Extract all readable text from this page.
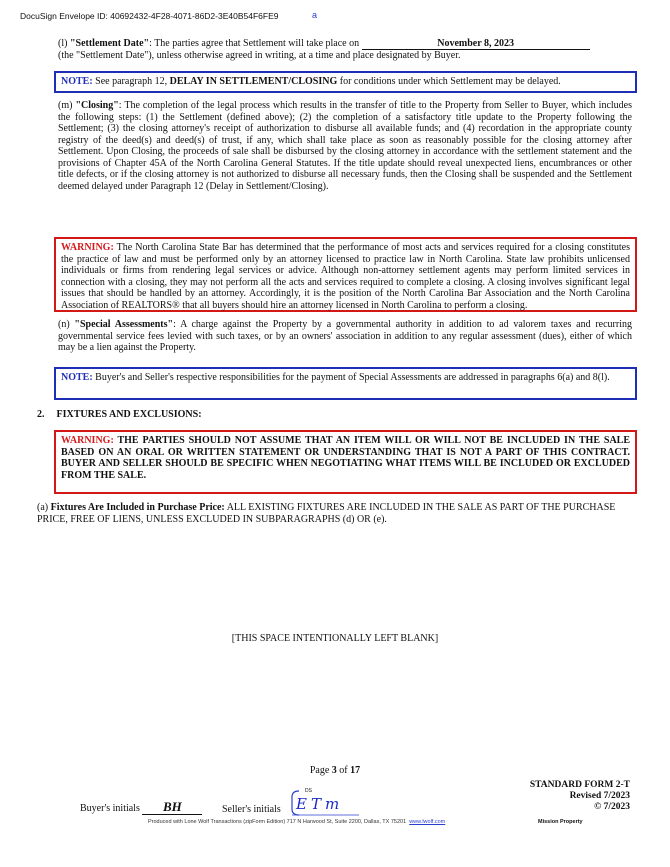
DocuSign Envelope ID: 40692432-4F28-4071-86D2-3E40B54F6FE9	a
(l) "Settlement Date": The parties agree that Settlement will take place on	November 8, 2023
(the "Settlement Date"), unless otherwise agreed in writing, at a time and place designated by Buyer.
NOTE: See paragraph 12, DELAY IN SETTLEMENT/CLOSING for conditions under which Settlement may be delayed.
(m) "Closing": The completion of the legal process which results in the transfer of title to the Property from Seller to Buyer, which includes the following steps: (1) the Settlement (defined above); (2) the completion of a satisfactory title update to the Property following the Settlement; (3) the closing attorney's receipt of authorization to disburse all available funds; and (4) recordation in the appropriate county registry of the deed(s) and deed(s) of trust, if any, which shall take place as soon as reasonably possible for the closing attorney after Settlement. Upon Closing, the proceeds of sale shall be disbursed by the closing attorney in accordance with the settlement statement and the provisions of Chapter 45A of the North Carolina General Statutes. If the title update should reveal unexpected liens, encumbrances or other title defects, or if the closing attorney is not authorized to disburse all necessary funds, then the Closing shall be suspended and the Settlement deemed delayed under Paragraph 12 (Delay in Settlement/Closing).
WARNING: The North Carolina State Bar has determined that the performance of most acts and services required for a closing constitutes the practice of law and must be performed only by an attorney licensed to practice law in North Carolina. State law prohibits unlicensed individuals or firms from rendering legal services or advice. Although non-attorney settlement agents may perform limited services in connection with a closing, they may not perform all the acts and services required to complete a closing. A closing involves significant legal issues that should be handled by an attorney. Accordingly, it is the position of the North Carolina Bar Association and the North Carolina Association of REALTORS® that all buyers should hire an attorney licensed in North Carolina to perform a closing.
(n) "Special Assessments": A charge against the Property by a governmental authority in addition to ad valorem taxes and recurring governmental service fees levied with such taxes, or by an owners' association in addition to any regular assessment (dues), either of which may be a lien against the Property.
NOTE: Buyer's and Seller's respective responsibilities for the payment of Special Assessments are addressed in paragraphs 6(a) and 8(l).
2. FIXTURES AND EXCLUSIONS:
WARNING: THE PARTIES SHOULD NOT ASSUME THAT AN ITEM WILL OR WILL NOT BE INCLUDED IN THE SALE BASED ON AN ORAL OR WRITTEN STATEMENT OR UNDERSTANDING THAT IS NOT A PART OF THIS CONTRACT. BUYER AND SELLER SHOULD BE SPECIFIC WHEN NEGOTIATING WHAT ITEMS WILL BE INCLUDED OR EXCLUDED FROM THE SALE.
(a) Fixtures Are Included in Purchase Price: ALL EXISTING FIXTURES ARE INCLUDED IN THE SALE AS PART OF THE PURCHASE PRICE, FREE OF LIENS, UNLESS EXCLUDED IN SUBPARAGRAPHS (d) OR (e).
[THIS SPACE INTENTIONALLY LEFT BLANK]
Page 3 of 17
Buyer's initials BH	Seller's initials
DS
ETm
STANDARD FORM 2-T
Revised 7/2023
© 7/2023
Produced with Lone Wolf Transactions (zipForm Edition) 717 N Harwood St, Suite 2200, Dallas, TX 75201 www.lwolf.com	Mission Property
